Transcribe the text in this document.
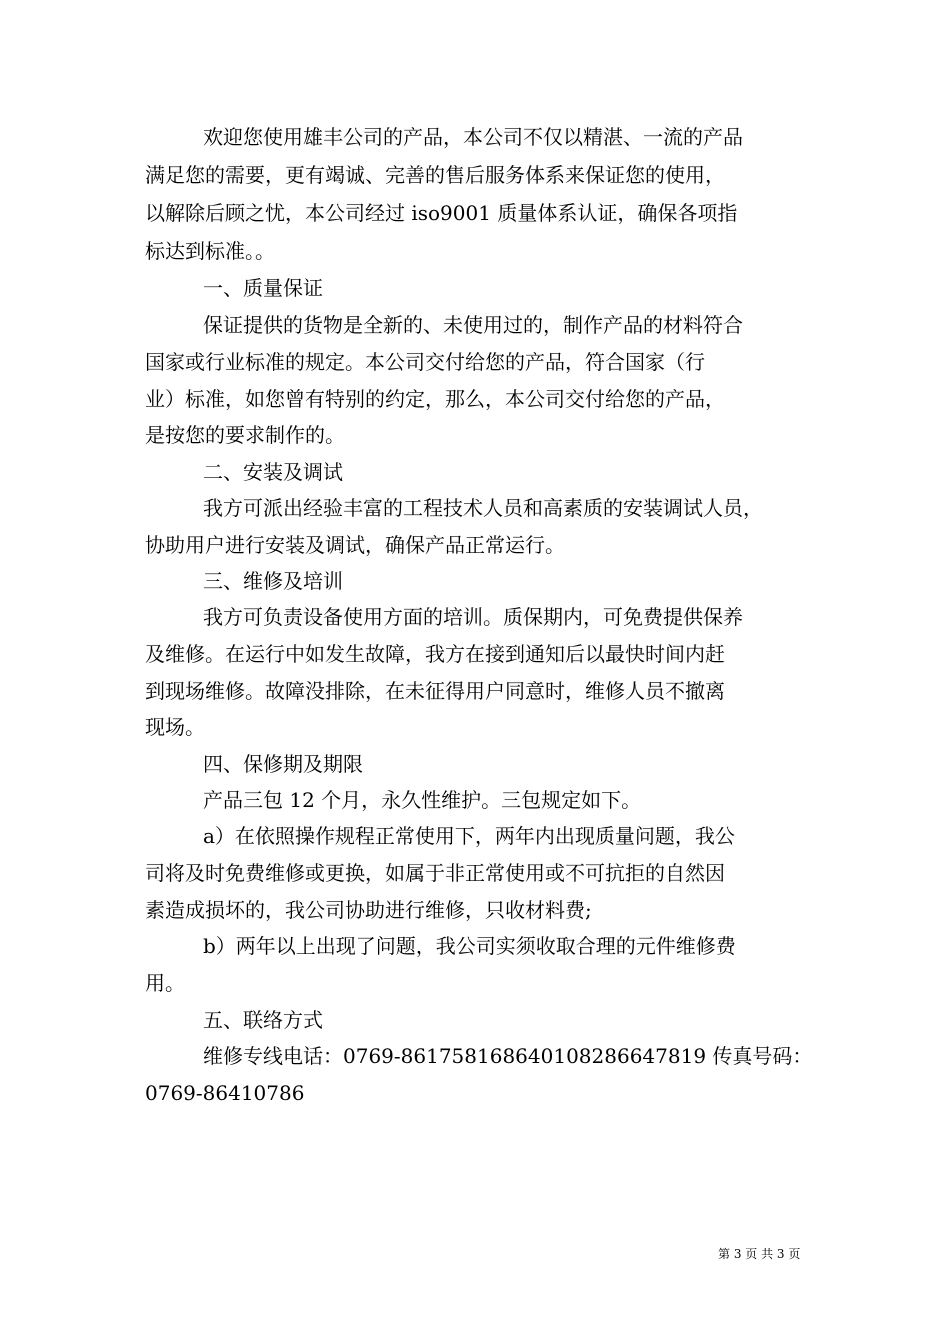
欢迎您使用雄丰公司的产品，本公司不仅以精湛、一流的产品
满足您的需要，更有竭诚、完善的售后服务体系来保证您的使用，
以解除后顾之忧，本公司经过 iso9001 质量体系认证，确保各项指
标达到标准。。
一、质量保证
保证提供的货物是全新的、未使用过的，制作产品的材料符合
国家或行业标准的规定。本公司交付给您的产品，符合国家（行
业）标准，如您曾有特别的约定，那么，本公司交付给您的产品，
是按您的要求制作的。
二、安装及调试
我方可派出经验丰富的工程技术人员和高素质的安装调试人员，
协助用户进行安装及调试，确保产品正常运行。
三、维修及培训
我方可负责设备使用方面的培训。质保期内，可免费提供保养
及维修。在运行中如发生故障，我方在接到通知后以最快时间内赶
到现场维修。故障没排除，在未征得用户同意时，维修人员不撤离
现场。
四、保修期及期限
产品三包 12 个月，永久性维护。三包规定如下。
a）在依照操作规程正常使用下，两年内出现质量问题，我公
司将及时免费维修或更换，如属于非正常使用或不可抗拒的自然因
素造成损坏的，我公司协助进行维修，只收材料费;
b）两年以上出现了问题，我公司实须收取合理的元件维修费
用。
五、联络方式
维修专线电话：0769-86175816864010828664​7819 传真号码：
0769-86410786
第 3 页 共 3 页
